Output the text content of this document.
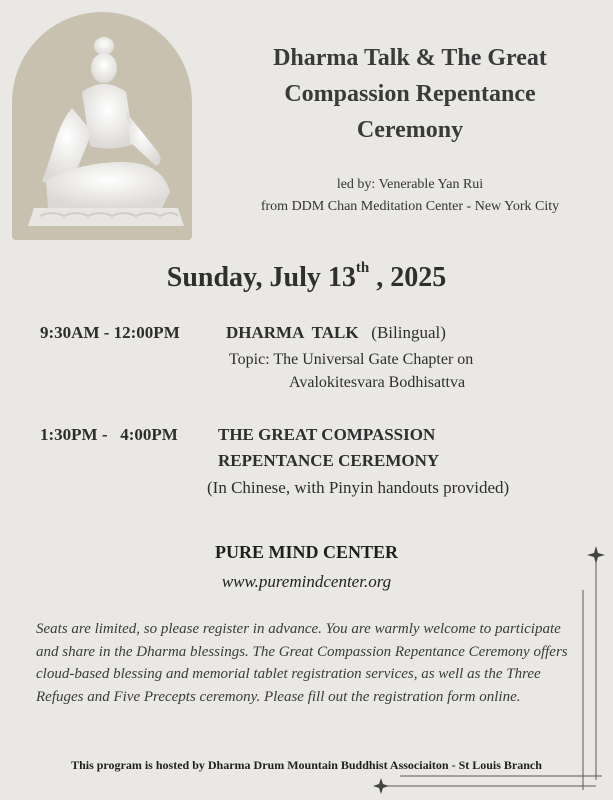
Dharma Talk & The Great
Compassion Repentance
Ceremony
led by: Venerable Yan Rui
from DDM Chan Meditation Center - New York City
Sunday, July 13th , 2025
9:30AM - 12:00PM	DHARMA  TALK (Bilingual)
Topic: The Universal Gate Chapter on
Avalokitesvara Bodhisattva
1:30PM -   4:00PM THE GREAT COMPASSION
REPENTANCE CEREMONY
(In Chinese, with Pinyin handouts provided)
PURE MIND CENTER
www.puremindcenter.org
Seats are limited, so please register in advance. You are warmly welcome to participate and share in the Dharma blessings. The Great Compassion Repentance Ceremony offers cloud-based blessing and memorial tablet registration services, as well as the Three Refuges and Five Precepts ceremony. Please fill out the registration form online.
This program is hosted by Dharma Drum Mountain Buddhist Associaiton - St Louis Branch
